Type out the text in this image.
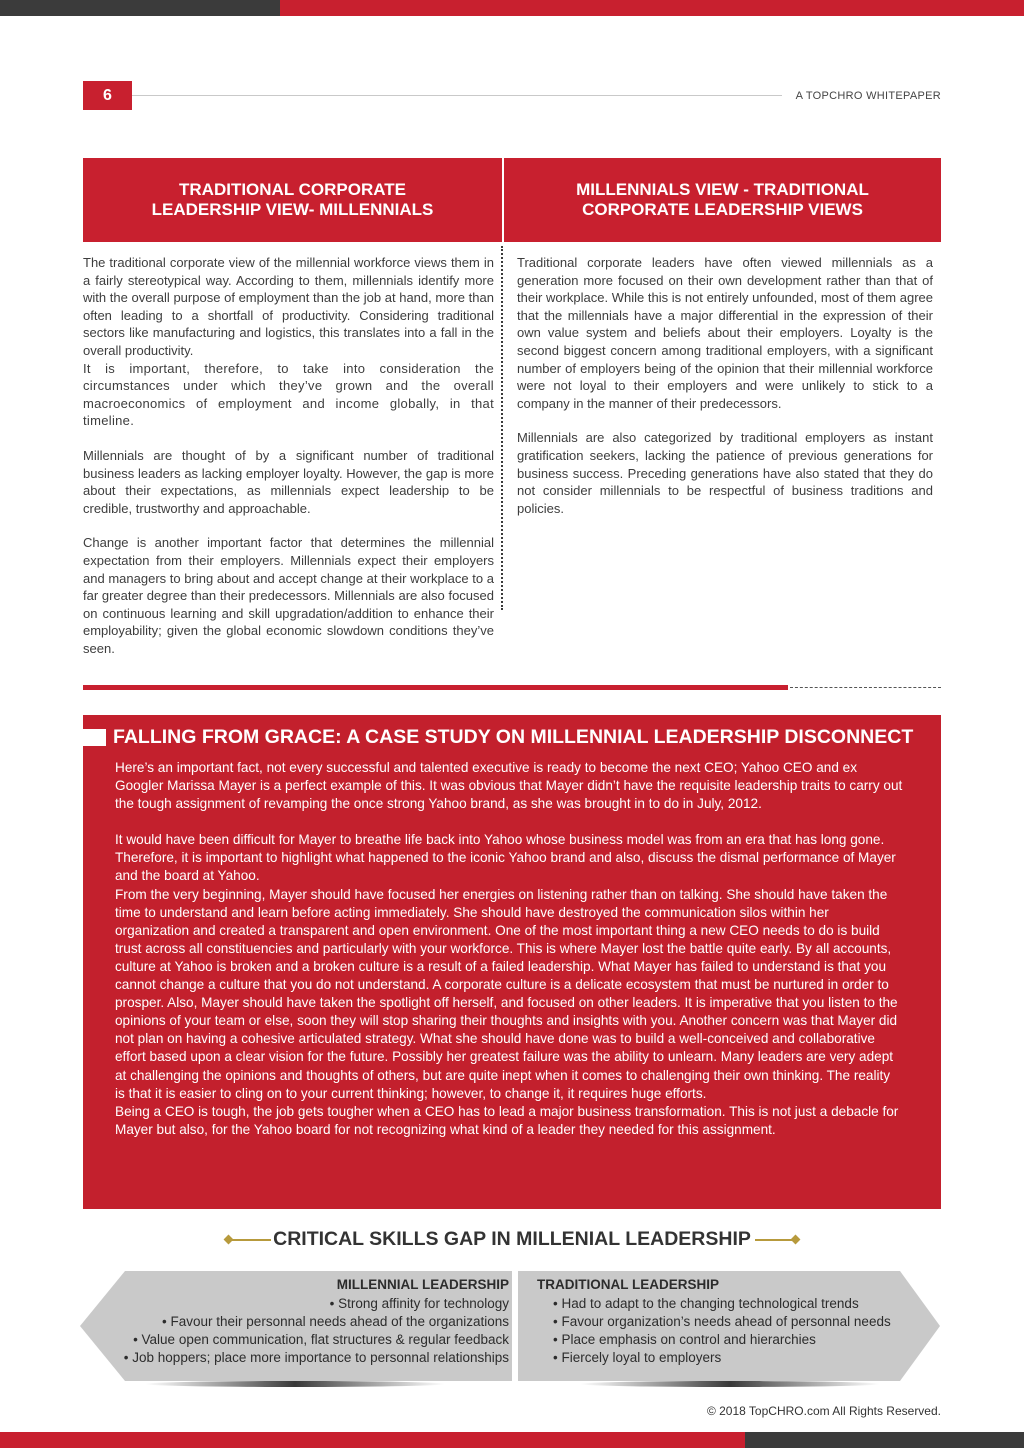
6	A TOPCHRO WHITEPAPER
TRADITIONAL CORPORATE LEADERSHIP VIEW- MILLENNIALS
MILLENNIALS VIEW - TRADITIONAL CORPORATE LEADERSHIP VIEWS

The traditional corporate view of the millennial workforce views them in a fairly stereotypical way. According to them, millennials identify more with the overall purpose of employment than the job at hand, more than often leading to a shortfall of productivity. Considering traditional sectors like manufacturing and logistics, this translates into a fall in the overall productivity.

It is important, therefore, to take into consideration the circumstances under which they’ve grown and the overall macroeconomics of employment and income globally, in that timeline.

Millennials are thought of by a significant number of traditional business leaders as lacking employer loyalty. However, the gap is more about their expectations, as millennials expect leadership to be credible, trustworthy and approachable.

Change is another important factor that determines the millennial expectation from their employers. Millennials expect their employers and managers to bring about and accept change at their workplace to a far greater degree than their predecessors. Millennials are also focused on continuous learning and skill upgradation/addition to enhance their employability; given the global economic slowdown conditions they’ve seen.

Traditional corporate leaders have often viewed millennials as a generation more focused on their own development rather than that of their workplace. While this is not entirely unfounded, most of them agree that the millennials have a major differential in the expression of their own value system and beliefs about their employers. Loyalty is the second biggest concern among traditional employers, with a significant number of employers being of the opinion that their millennial workforce were not loyal to their employers and were unlikely to stick to a company in the manner of their predecessors.

Millennials are also categorized by traditional employers as instant gratification seekers, lacking the patience of previous generations for business success. Preceding generations have also stated that they do not consider millennials to be respectful of business traditions and policies.

FALLING FROM GRACE: A CASE STUDY ON MILLENNIAL LEADERSHIP DISCONNECT

Here’s an important fact, not every successful and talented executive is ready to become the next CEO; Yahoo CEO and ex Googler Marissa Mayer is a perfect example of this. It was obvious that Mayer didn’t have the requisite leadership traits to carry out the tough assignment of revamping the once strong Yahoo brand, as she was brought in to do in July, 2012.

It would have been difficult for Mayer to breathe life back into Yahoo whose business model was from an era that has long gone. Therefore, it is important to highlight what happened to the iconic Yahoo brand and also, discuss the dismal performance of Mayer and the board at Yahoo.

From the very beginning, Mayer should have focused her energies on listening rather than on talking. She should have taken the time to understand and learn before acting immediately. She should have destroyed the communication silos within her organization and created a transparent and open environment. One of the most important thing a new CEO needs to do is build trust across all constituencies and particularly with your workforce. This is where Mayer lost the battle quite early. By all accounts, culture at Yahoo is broken and a broken culture is a result of a failed leadership. What Mayer has failed to understand is that you cannot change a culture that you do not understand. A corporate culture is a delicate ecosystem that must be nurtured in order to prosper. Also, Mayer should have taken the spotlight off herself, and focused on other leaders. It is imperative that you listen to the opinions of your team or else, soon they will stop sharing their thoughts and insights with you. Another concern was that Mayer did not plan on having a cohesive articulated strategy. What she should have done was to build a well-conceived and collaborative effort based upon a clear vision for the future. Possibly her greatest failure was the ability to unlearn. Many leaders are very adept at challenging the opinions and thoughts of others, but are quite inept when it comes to challenging their own thinking. The reality is that it is easier to cling on to your current thinking; however, to change it, it requires huge efforts.

Being a CEO is tough, the job gets tougher when a CEO has to lead a major business transformation. This is not just a debacle for Mayer but also, for the Yahoo board for not recognizing what kind of a leader they needed for this assignment.

CRITICAL SKILLS GAP IN MILLENIAL LEADERSHIP
MILLENNIAL LEADERSHIP
• Strong affinity for technology
• Favour their personnal needs ahead of the organizations
• Value open communication, flat structures & regular feedback
• Job hoppers; place more importance to personnal relationships
TRADITIONAL LEADERSHIP
• Had to adapt to the changing technological trends
• Favour organization’s needs ahead of personnal needs
• Place emphasis on control and hierarchies
• Fiercely loyal to employers
© 2018 TopCHRO.com All Rights Reserved.
